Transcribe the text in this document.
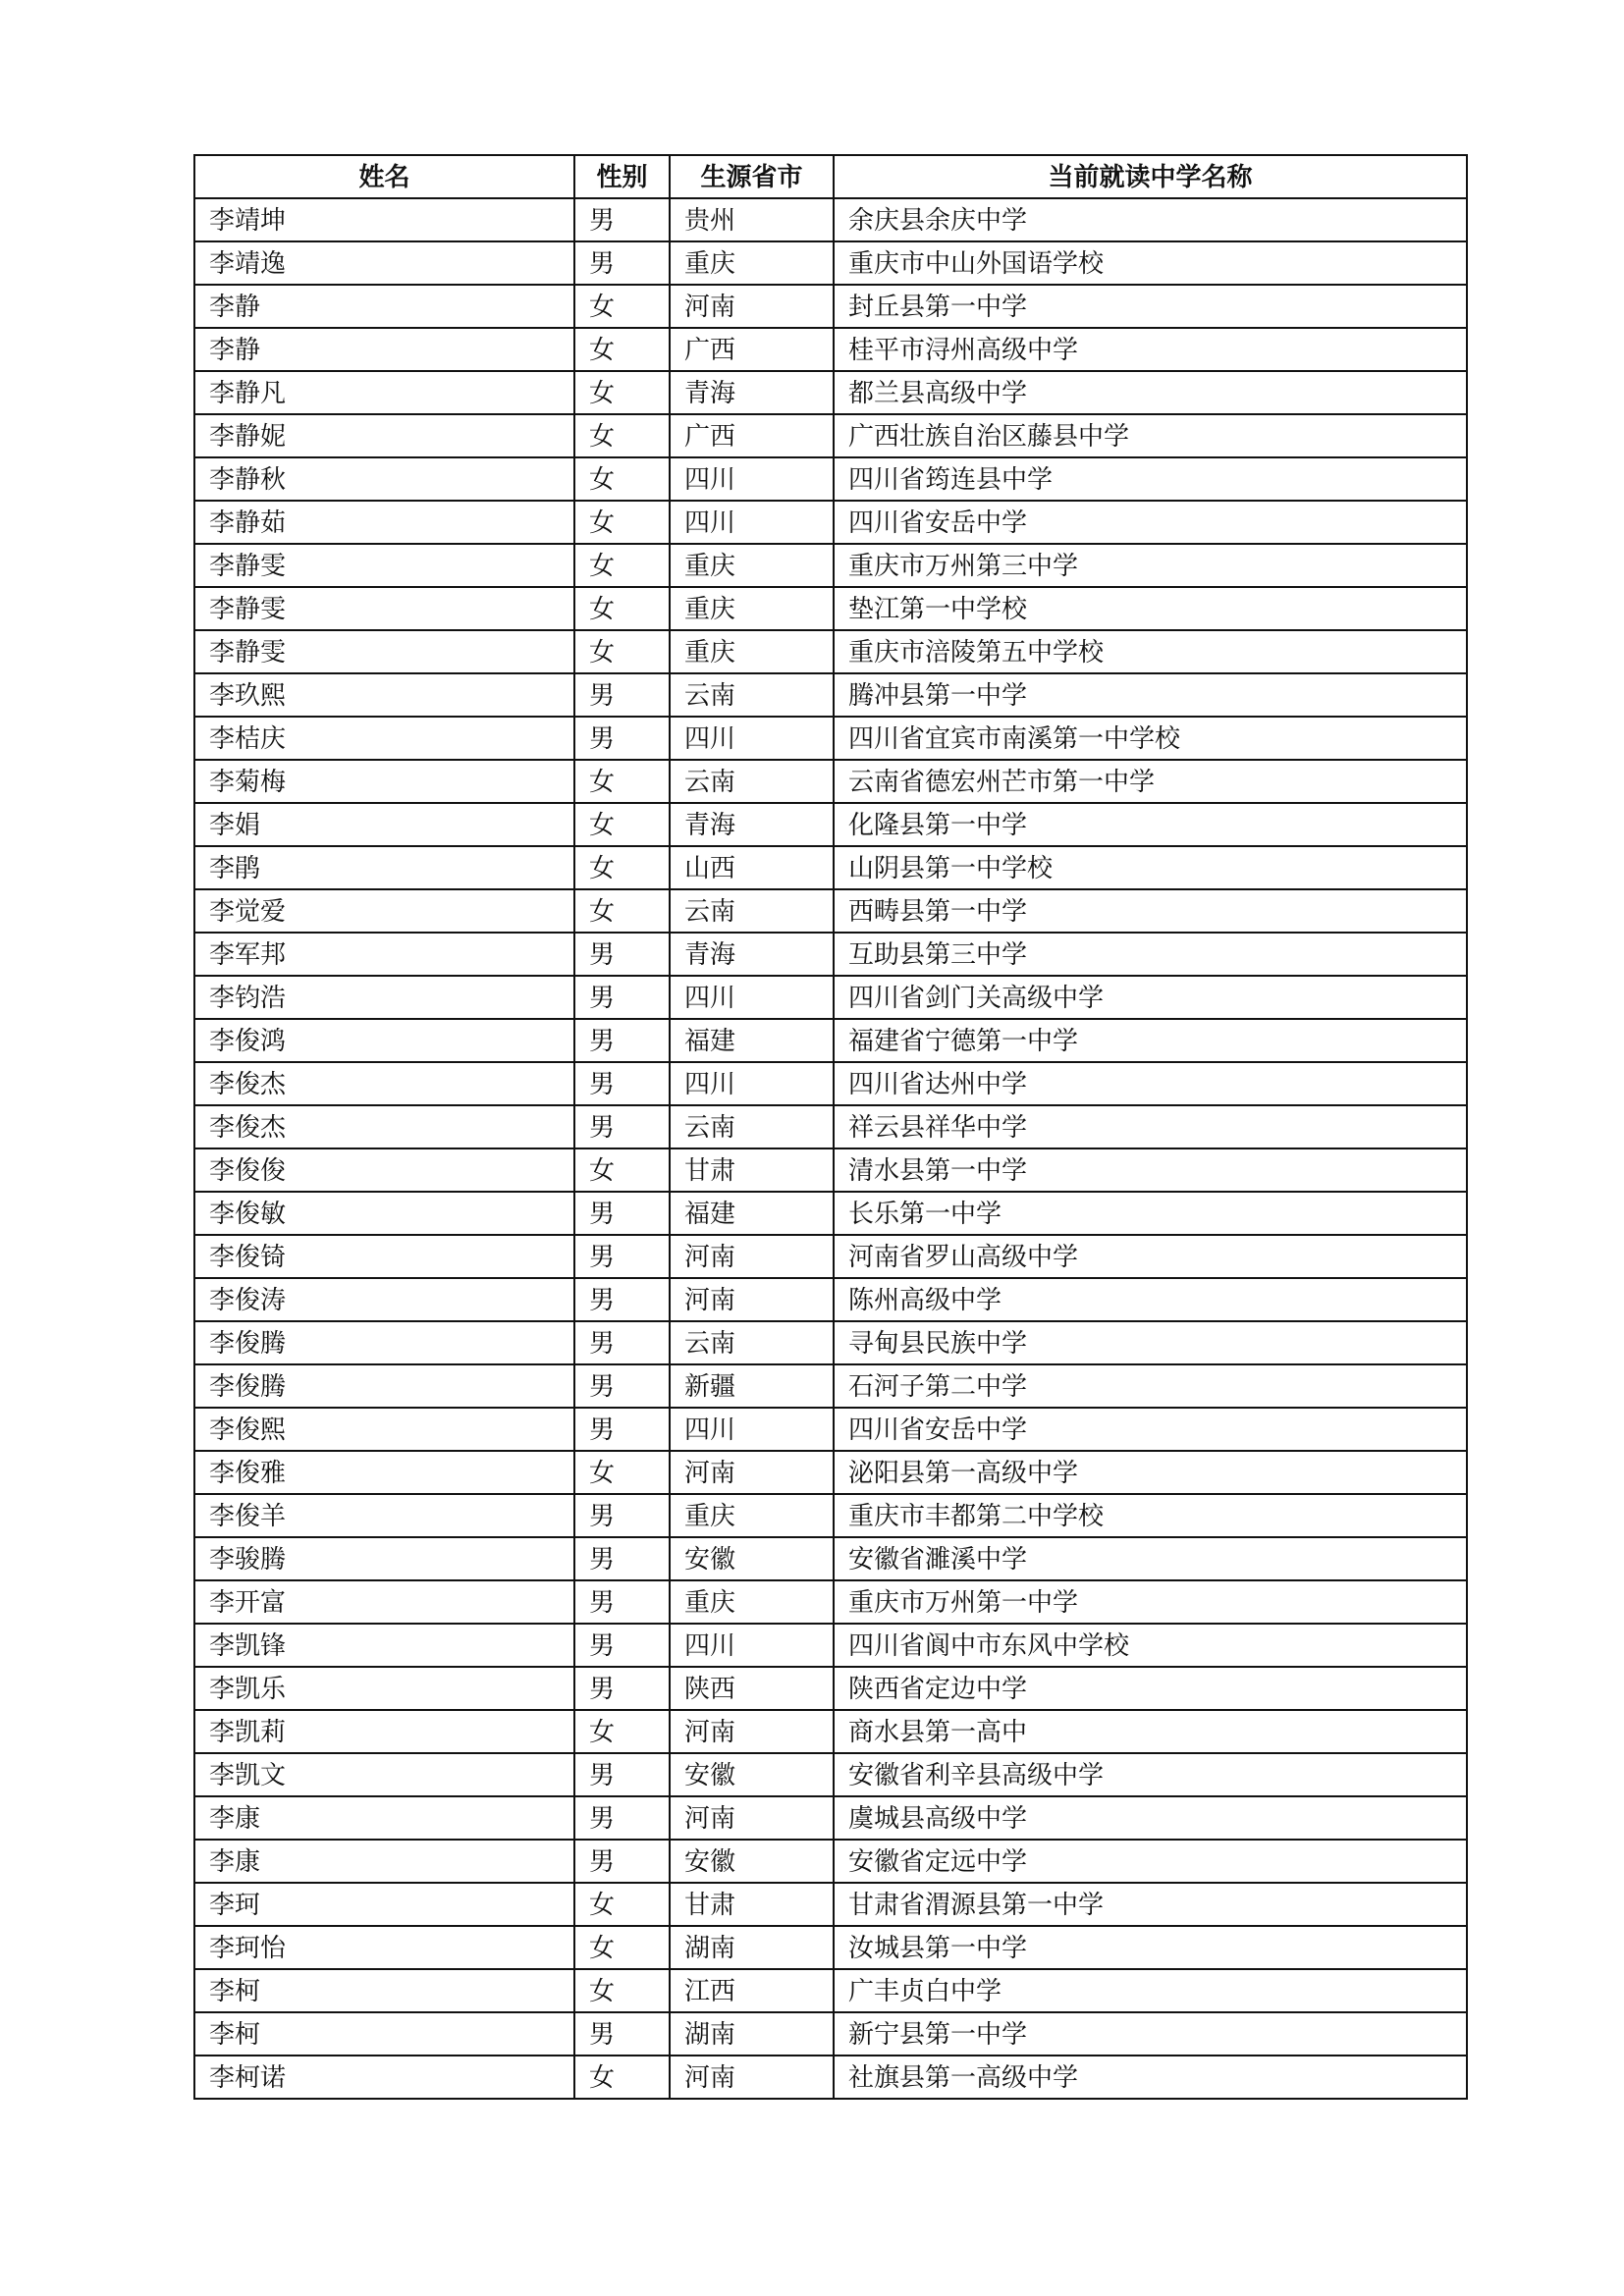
姓名	性别	生源省市	当前就读中学名称
李靖坤	男	贵州	余庆县余庆中学
李靖逸	男	重庆	重庆市中山外国语学校
李静	女	河南	封丘县第一中学
李静	女	广西	桂平市浔州高级中学
李静凡	女	青海	都兰县高级中学
李静妮	女	广西	广西壮族自治区藤县中学
李静秋	女	四川	四川省筠连县中学
李静茹	女	四川	四川省安岳中学
李静雯	女	重庆	重庆市万州第三中学
李静雯	女	重庆	垫江第一中学校
李静雯	女	重庆	重庆市涪陵第五中学校
李玖熙	男	云南	腾冲县第一中学
李桔庆	男	四川	四川省宜宾市南溪第一中学校
李菊梅	女	云南	云南省德宏州芒市第一中学
李娟	女	青海	化隆县第一中学
李鹃	女	山西	山阴县第一中学校
李觉爱	女	云南	西畴县第一中学
李军邦	男	青海	互助县第三中学
李钧浩	男	四川	四川省剑门关高级中学
李俊鸿	男	福建	福建省宁德第一中学
李俊杰	男	四川	四川省达州中学
李俊杰	男	云南	祥云县祥华中学
李俊俊	女	甘肃	清水县第一中学
李俊敏	男	福建	长乐第一中学
李俊锜	男	河南	河南省罗山高级中学
李俊涛	男	河南	陈州高级中学
李俊腾	男	云南	寻甸县民族中学
李俊腾	男	新疆	石河子第二中学
李俊熙	男	四川	四川省安岳中学
李俊雅	女	河南	泌阳县第一高级中学
李俊羊	男	重庆	重庆市丰都第二中学校
李骏腾	男	安徽	安徽省濉溪中学
李开富	男	重庆	重庆市万州第一中学
李凯锋	男	四川	四川省阆中市东风中学校
李凯乐	男	陕西	陕西省定边中学
李凯莉	女	河南	商水县第一高中
李凯文	男	安徽	安徽省利辛县高级中学
李康	男	河南	虞城县高级中学
李康	男	安徽	安徽省定远中学
李珂	女	甘肃	甘肃省渭源县第一中学
李珂怡	女	湖南	汝城县第一中学
李柯	女	江西	广丰贞白中学
李柯	男	湖南	新宁县第一中学
李柯诺	女	河南	社旗县第一高级中学
